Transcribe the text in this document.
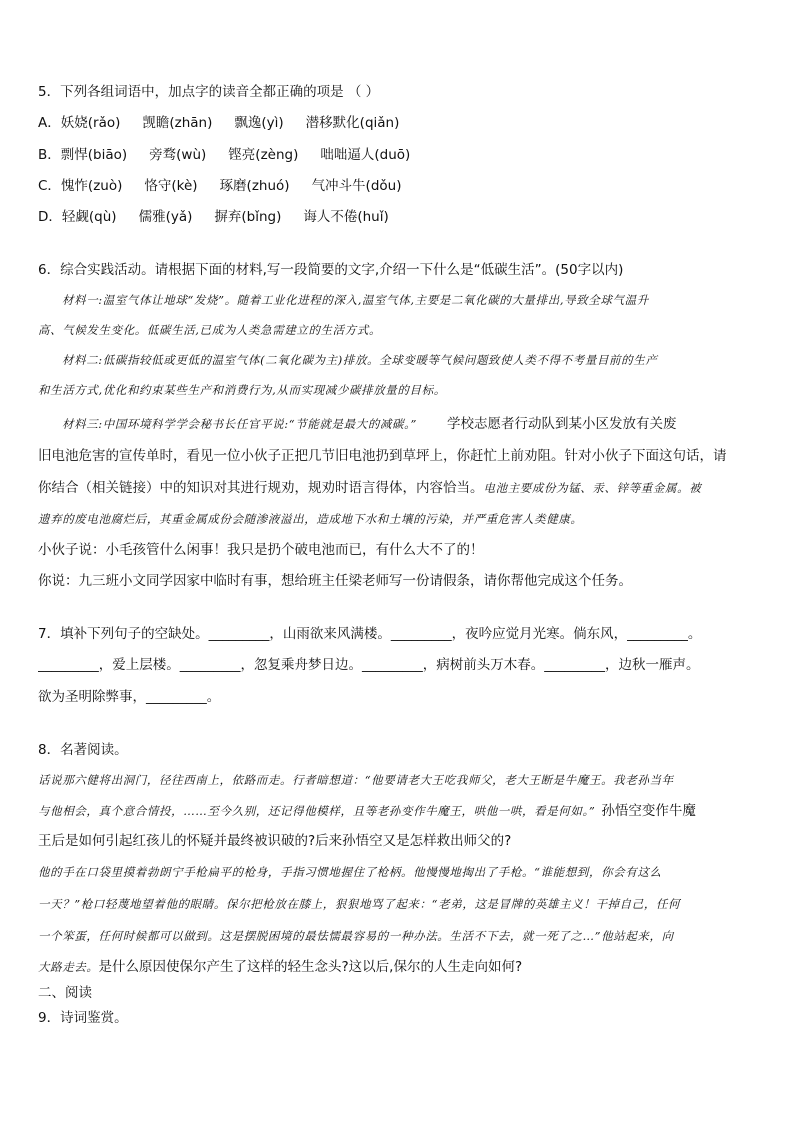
5．下列各组词语中，加点字的读音全都正确的项是 （ ）
A．妖娆(rǎo) 觊瞻(zhān) 飘逸(yì) 潜移默化(qiǎn)
B．剽悍(biāo) 旁骛(wù) 铿亮(zèng) 咄咄逼人(duō)
C．愧怍(zuò) 恪守(kè) 琢磨(zhuó) 气冲斗牛(dǒu)
D．轻觑(qù) 儒雅(yǎ) 摒弃(bǐng) 诲人不倦(huǐ)
6．综合实践活动。请根据下面的材料,写一段简要的文字,介绍一下什么是“低碳生活”。(50字以内)
材料一:温室气体让地球“发烧”。随着工业化进程的深入,温室气体,主要是二氧化碳的大量排出,导致全球气温升
高、气候发生变化。低碳生活,已成为人类急需建立的生活方式。
材料二:低碳指较低或更低的温室气体(二氧化碳为主)排放。全球变暖等气候问题致使人类不得不考量目前的生产
和生活方式,优化和约束某些生产和消费行为,从而实现减少碳排放量的目标。
材料三:中国环境科学学会秘书长任官平说:“节能就是最大的减碳。” 学校志愿者行动队到某小区发放有关废
旧电池危害的宣传单时，看见一位小伙子正把几节旧电池扔到草坪上，你赶忙上前劝阻。针对小伙子下面这句话，请
你结合（相关链接）中的知识对其进行规劝，规劝时语言得体，内容恰当。电池主要成份为锰、汞、锌等重金属。被
遗弃的废电池腐烂后，其重金属成份会随渗液溢出，造成地下水和土壤的污染，并严重危害人类健康。
小伙子说：小毛孩管什么闲事！我只是扔个破电池而已，有什么大不了的！
你说：九三班小文同学因家中临时有事，想给班主任梁老师写一份请假条，请你帮他完成这个任务。
7．填补下列句子的空缺处。_________，山雨欲来风满楼。_________，夜吟应觉月光寒。倘东风，_________。
_________，爱上层楼。_________，忽复乘舟梦日边。_________，病树前头万木春。_________，边秋一雁声。
欲为圣明除弊事，_________。
8．名著阅读。
话说那六健将出洞门，径往西南上，依路而走。行者暗想道：“他要请老大王吃我师父，老大王断是牛魔王。我老孙当年
与他相会，真个意合情投，……至今久别，还记得他模样，且等老孙变作牛魔王，哄他一哄，看是何如。” 孙悟空变作牛魔
王后是如何引起红孩儿的怀疑并最终被识破的?后来孙悟空又是怎样救出师父的?
他的手在口袋里摸着勃朗宁手枪扁平的枪身，手指习惯地握住了枪柄。他慢慢地掏出了手枪。“谁能想到，你会有这么
一天？”枪口轻蔑地望着他的眼睛。保尔把枪放在膝上，狠狠地骂了起来：“老弟，这是冒牌的英雄主义！干掉自己，任何
一个笨蛋，任何时候都可以做到。这是摆脱困境的最怯懦最容易的一种办法。生活不下去，就一死了之…”他站起来，向
大路走去。是什么原因使保尔产生了这样的轻生念头?这以后,保尔的人生走向如何?
二、阅读
9．诗词鉴赏。
